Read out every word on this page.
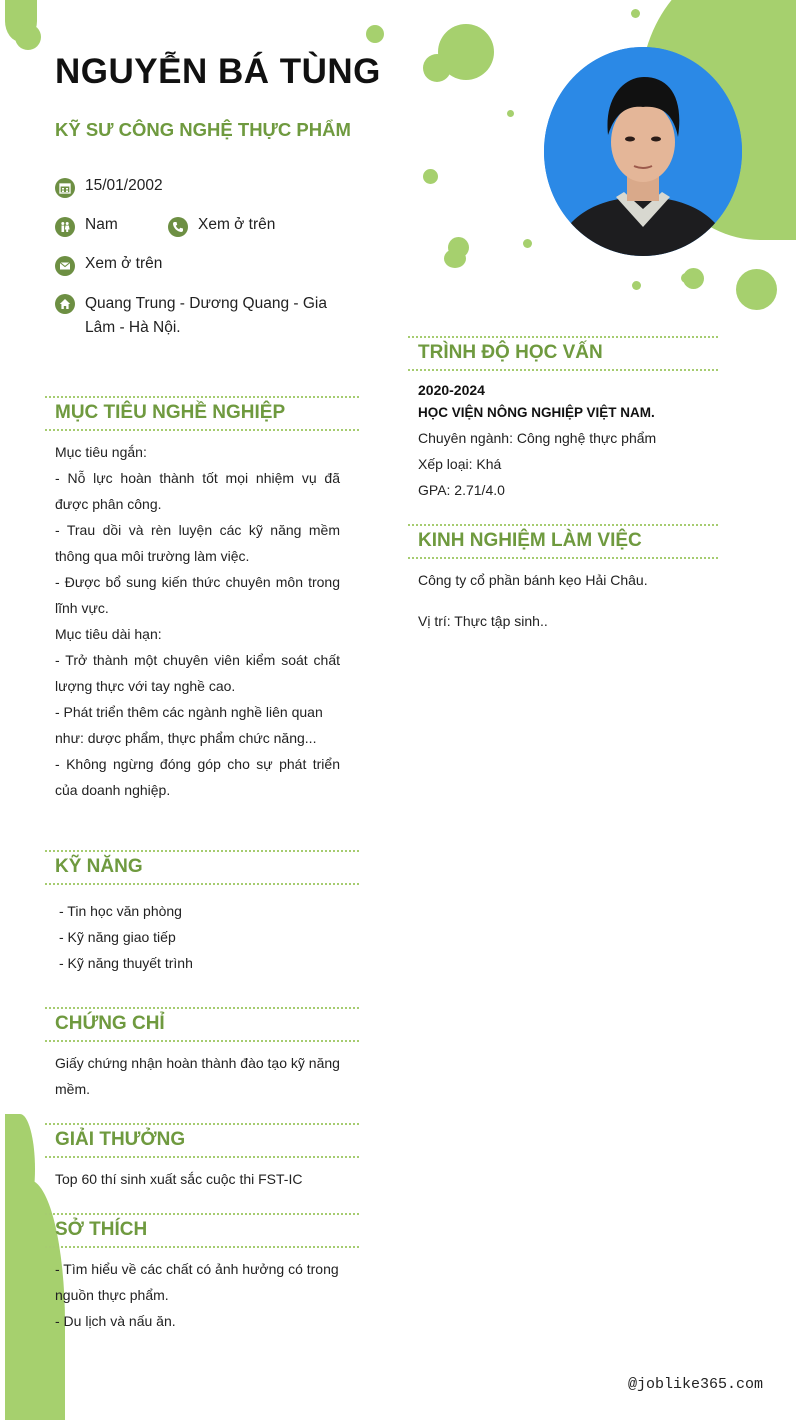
NGUYỄN BÁ TÙNG
KỸ SƯ CÔNG NGHỆ THỰC PHẨM
15/01/2002
Nam	Xem ở trên
Xem ở trên
Quang Trung - Dương Quang - Gia Lâm - Hà Nội.
MỤC TIÊU NGHỀ NGHIỆP

Mục tiêu ngắn:

- Nỗ lực hoàn thành tốt mọi nhiệm vụ đã được phân công.

- Trau dồi và rèn luyện các kỹ năng mềm thông qua môi trường làm việc.

- Được bổ sung kiến thức chuyên môn trong lĩnh vực.

Mục tiêu dài hạn:

- Trở thành một chuyên viên kiểm soát chất lượng thực với tay nghề cao.

- Phát triển thêm các ngành nghề liên quan như: dược phẩm, thực phẩm chức năng...

- Không ngừng đóng góp cho sự phát triển của doanh nghiệp.

KỸ NĂNG

- Tin học văn phòng

- Kỹ năng giao tiếp

- Kỹ năng thuyết trình

CHỨNG CHỈ

Giấy chứng nhận hoàn thành đào tạo kỹ năng mềm.

GIẢI THƯỞNG

Top 60 thí sinh xuất sắc cuộc thi FST-IC

SỞ THÍCH

- Tìm hiểu về các chất có ảnh hưởng có trong nguồn thực phẩm.

- Du lịch và nấu ăn.

TRÌNH ĐỘ HỌC VẤN

2020-2024

HỌC VIỆN NÔNG NGHIỆP VIỆT NAM.

Chuyên ngành: Công nghệ thực phẩm

Xếp loại: Khá

GPA: 2.71/4.0

KINH NGHIỆM LÀM VIỆC

Công ty cổ phần bánh kẹo Hải Châu.

Vị trí: Thực tập sinh..

@joblike365.com
